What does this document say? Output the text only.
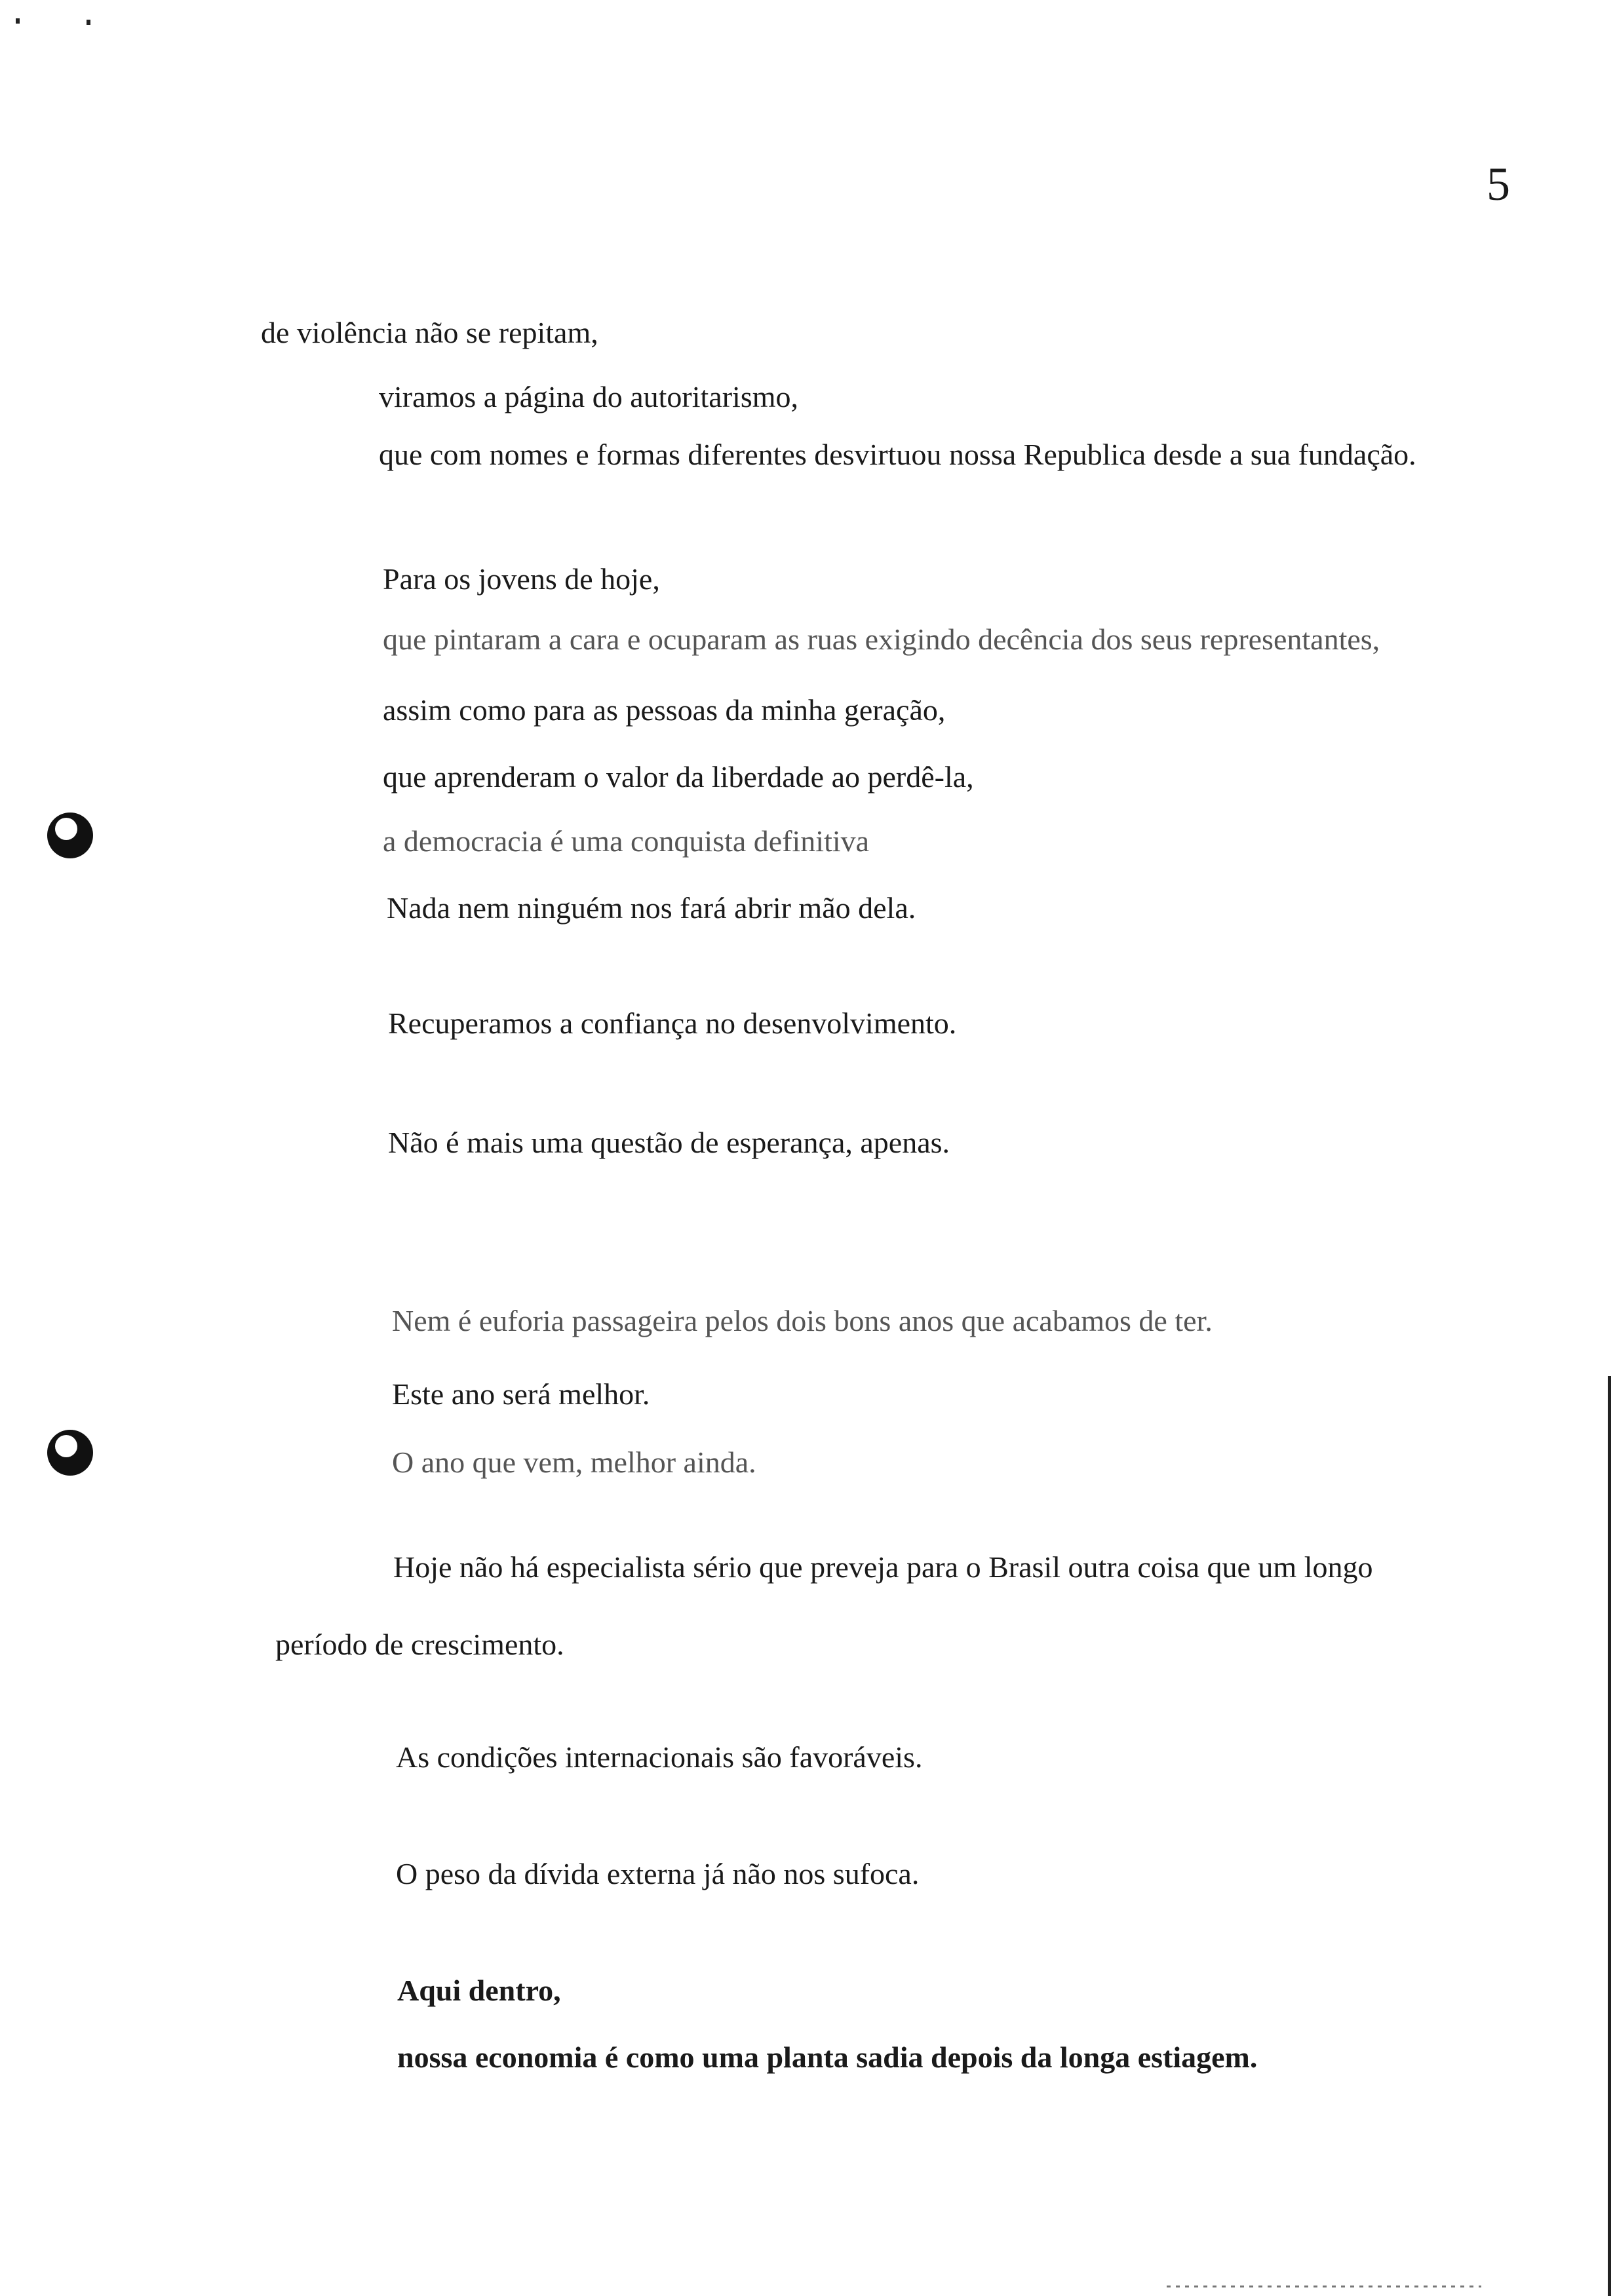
5
de violência não se repitam,
viramos a página do autoritarismo,
que com nomes e formas diferentes desvirtuou nossa Republica desde a sua fundação.
Para os jovens de hoje,
que pintaram a cara e ocuparam as ruas exigindo decência dos seus representantes,
assim como para as pessoas da minha geração,
que aprenderam o valor da liberdade ao perdê-la,
a democracia é uma conquista definitiva
Nada nem ninguém nos fará abrir mão dela.
Recuperamos a confiança no desenvolvimento.
Não é mais uma questão de esperança, apenas.
Nem é euforia passageira pelos dois bons anos que acabamos de ter.
Este ano será melhor.
O ano que vem, melhor ainda.
Hoje não há especialista sério que preveja para o Brasil outra coisa que um longo
período de crescimento.
As condições internacionais são favoráveis.
O peso da dívida externa já não nos sufoca.
Aqui dentro,
nossa economia é como uma planta sadia depois da longa estiagem.
